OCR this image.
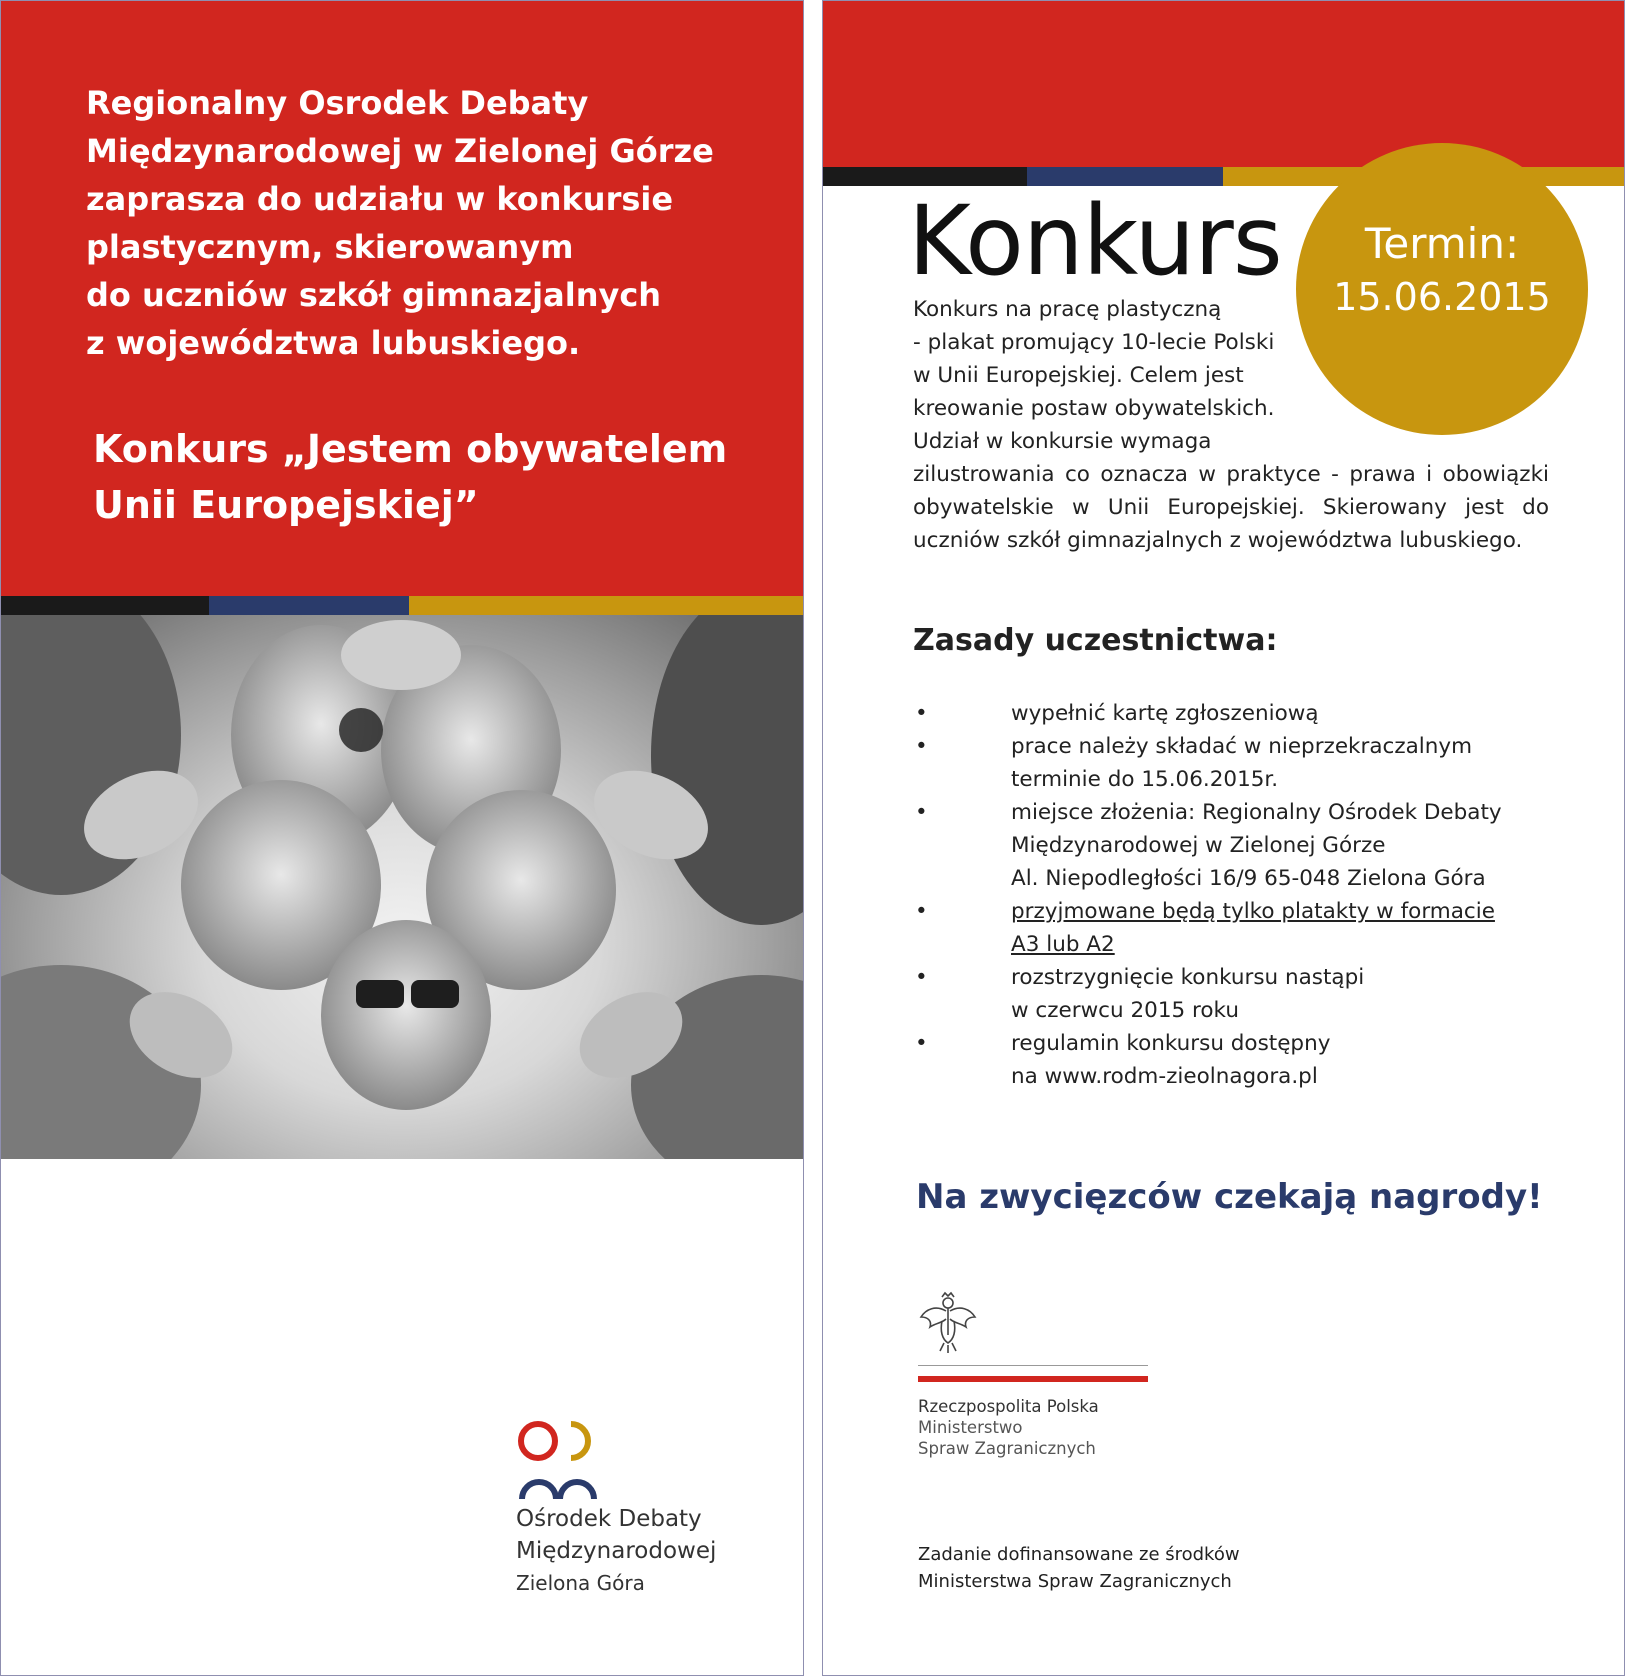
Regionalny Osrodek Debaty
Międzynarodowej w Zielonej Górze
zaprasza do udziału w konkursie
plastycznym, skierowanym
do uczniów szkół gimnazjalnych
z województwa lubuskiego.
Konkurs „Jestem obywatelem
Unii Europejskiej”
Ośrodek Debaty
Międzynarodowej
Zielona Góra
Konkurs	Termin:
15.06.2015
Konkurs na pracę plastyczną
- plakat promujący 10-lecie Polski
w Unii Europejskiej. Celem jest
kreowanie postaw obywatelskich.
Udział w konkursie wymaga
zilustrowania co oznacza w praktyce - prawa i obowiązki obywatelskie w Unii Europejskiej. Skierowany jest do uczniów szkół gimnazjalnych z województwa lubuskiego.
Zasady uczestnictwa:
•	wypełnić kartę zgłoszeniową
•	prace należy składać w nieprzekraczalnym
terminie do 15.06.2015r.
•	miejsce złożenia: Regionalny Ośrodek Debaty
Międzynarodowej w Zielonej Górze
Al. Niepodległości 16/9 65-048 Zielona Góra
•	przyjmowane będą tylko platakty w formacie
A3 lub A2
•	rozstrzygnięcie konkursu nastąpi
w czerwcu 2015 roku
•	regulamin konkursu dostępny
na www.rodm-zieolnagora.pl
Na zwycięzców czekają nagrody!
Rzeczpospolita Polska
Ministerstwo
Spraw Zagranicznych
Zadanie dofinansowane ze środków
Ministerstwa Spraw Zagranicznych
